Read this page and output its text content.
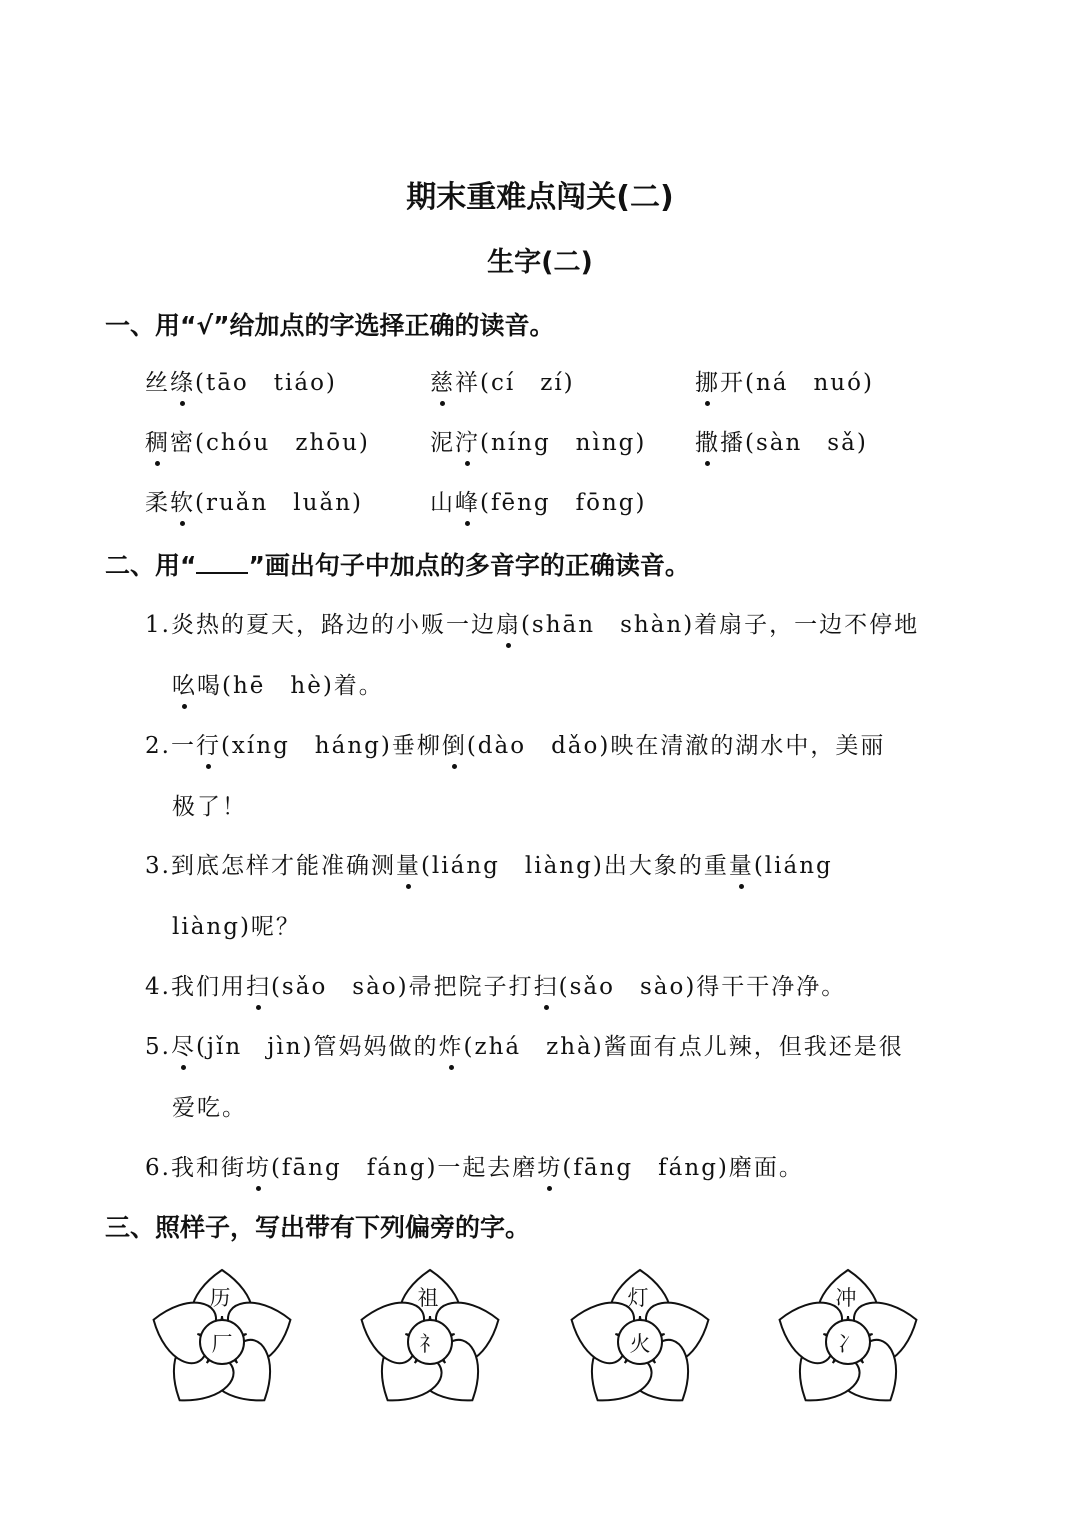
期末重难点闯关(二)
生字(二)
一、用“√”给加点的字选择正确的读音。
丝绦(tāo　tiáo)	慈祥(cí　zí)	挪开(ná　nuó)
稠密(chóu　zhōu)	泥泞(níng　nìng) 撒播(sàn　sǎ)
柔软(ruǎn　luǎn)	山峰(fēng　fōng)
二、用“ ”画出句子中加点的多音字的正确读音。
1.炎热的夏天，路边的小贩一边扇(shān　shàn)着扇子，一边不停地
吆喝(hē　hè)着。
2.一行(xíng　háng)垂柳倒(dào　dǎo)映在清澈的湖水中，美丽
极了！
3.到底怎样才能准确测量(liáng　liàng)出大象的重量(liáng
liàng)呢？
4.我们用扫(sǎo　sào)帚把院子打扫(sǎo　sào)得干干净净。
5.尽(jǐn　jìn)管妈妈做的炸(zhá　zhà)酱面有点儿辣，但我还是很
爱吃。
6.我和街坊(fāng　fáng)一起去磨坊(fāng　fáng)磨面。
三、照样子，写出带有下列偏旁的字。
历
厂
祖
礻
灯
火
冲
冫
